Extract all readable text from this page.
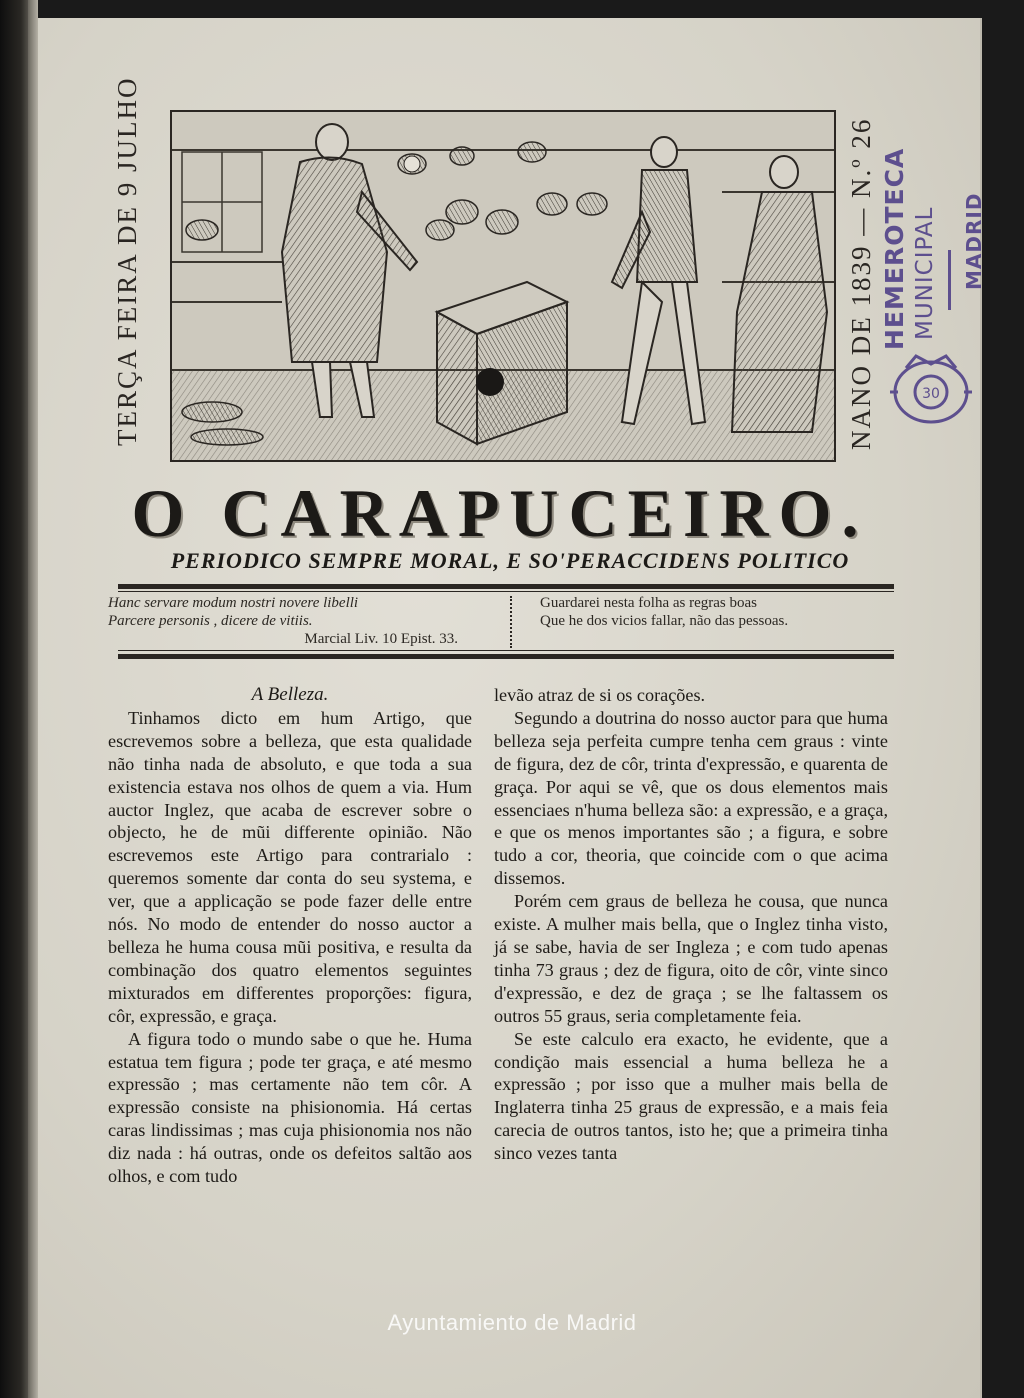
TERÇA FEIRA DE 9 JULHO	NANO DE 1839 — N.º 26 HEMEROTECA MUNICIPAL MADRID
30
O CARAPUCEIRO.
PERIODICO SEMPRE MORAL, E SO'PERACCIDENS POLITICO
Hanc servare modum nostri novere libelli
Parcere personis , dicere de vitiis.
Marcial Liv. 10 Epist. 33.
Guardarei nesta folha as regras boas
Que he dos vicios fallar, não das pessoas.
A Belleza.

Tinhamos dicto em hum Artigo, que escrevemos sobre a belleza, que esta qualidade não tinha nada de absoluto, e que toda a sua existencia estava nos olhos de quem a via. Hum auctor Inglez, que acaba de escrever sobre o objecto, he de mũi differente opinião. Não escrevemos este Artigo para contrarialo : queremos somente dar conta do seu systema, e ver, que a applicação se pode fazer delle entre nós. No modo de entender do nosso auctor a belleza he huma cousa mũi positiva, e resulta da combinação dos quatro elementos seguintes mixturados em differentes proporções: figura, côr, expressão, e graça.

A figura todo o mundo sabe o que he. Huma estatua tem figura ; pode ter graça, e até mesmo expressão ; mas certamente não tem côr. A expressão consiste na phisionomia. Há certas caras lindissimas ; mas cuja phisionomia nos não diz nada : há outras, onde os defeitos saltão aos olhos, e com tudo

levão atraz de si os corações.

Segundo a doutrina do nosso auctor para que huma belleza seja perfeita cumpre tenha cem graus : vinte de figura, dez de côr, trinta d'expressão, e quarenta de graça. Por aqui se vê, que os dous elementos mais essenciaes n'huma belleza são: a expressão, e a graça, e que os menos importantes são ; a figura, e sobre tudo a cor, theoria, que coincide com o que acima dissemos.

Porém cem graus de belleza he cousa, que nunca existe. A mulher mais bella, que o Inglez tinha visto, já se sabe, havia de ser Ingleza ; e com tudo apenas tinha 73 graus ; dez de figura, oito de côr, vinte sinco d'expressão, e dez de graça ; se lhe faltassem os outros 55 graus, seria completamente feia.

Se este calculo era exacto, he evidente, que a condição mais essencial a huma belleza he a expressão ; por isso que a mulher mais bella de Inglaterra tinha 25 graus de expressão, e a mais feia carecia de outros tantos, isto he; que a primeira tinha sinco vezes tanta

Ayuntamiento de Madrid
